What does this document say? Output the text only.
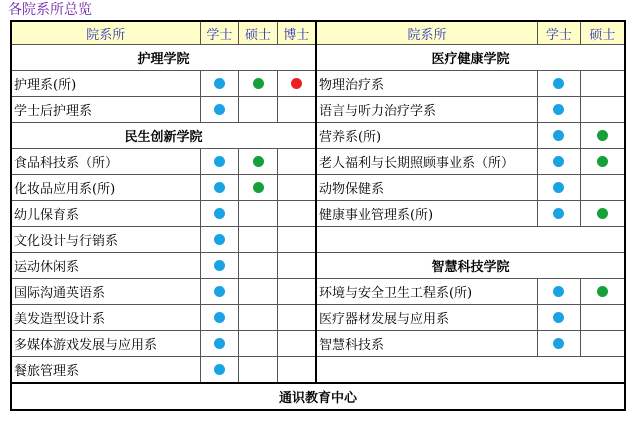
各院系所总览
院系所	学士	硕士	博士	院系所	学士	硕士
护理学院				医疗健康学院		
护理系(所)				物理治疗系		
学士后护理系				语言与听力治疗学系		
民生创新学院				营养系(所)		
食品科技系（所）				老人福利与长期照顾事业系（所）		
化妆品应用系(所)				动物保健系		
幼儿保育系				健康事业管理系(所)		
文化设计与行销系						
运动休闲系				智慧科技学院		
国际沟通英语系				环境与安全卫生工程系(所)		
美发造型设计系				医疗器材发展与应用系		
多媒体游戏发展与应用系				智慧科技系		
餐旅管理系						
通识教育中心						
